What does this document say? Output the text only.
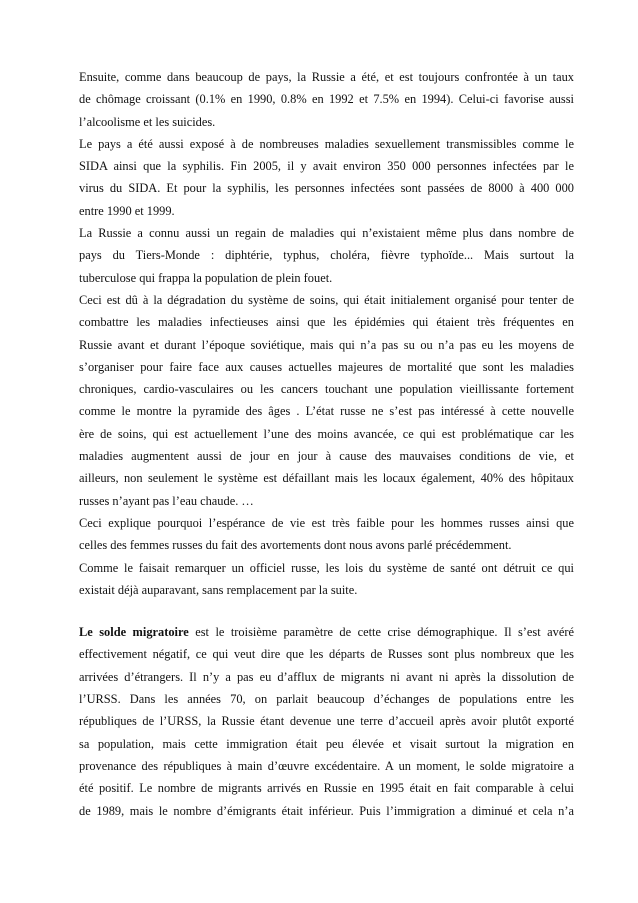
Ensuite, comme dans beaucoup de pays, la Russie a été, et est toujours confrontée à un taux
de chômage croissant (0.1% en 1990, 0.8% en 1992 et 7.5% en 1994). Celui-ci favorise aussi
l’alcoolisme et les suicides.
Le pays a été aussi exposé à de nombreuses maladies sexuellement transmissibles comme le
SIDA ainsi que la syphilis. Fin 2005, il y avait environ 350 000 personnes infectées par le
virus du SIDA. Et pour la syphilis, les personnes infectées sont passées de 8000 à 400 000
entre 1990 et 1999.
La Russie a connu aussi un regain de maladies qui n’existaient même plus dans nombre de
pays du Tiers-Monde : diphtérie, typhus, choléra, fièvre typhoïde... Mais surtout la
tuberculose qui frappa la population de plein fouet.
Ceci est dû à la dégradation du système de soins, qui était initialement organisé pour tenter de
combattre les maladies infectieuses ainsi que les épidémies qui étaient très fréquentes en
Russie avant et durant l’époque soviétique, mais qui n’a pas su ou n’a pas eu les moyens de
s’organiser pour faire face aux causes actuelles majeures de mortalité que sont les maladies
chroniques, cardio-vasculaires ou les cancers touchant une population vieillissante fortement
comme le montre la pyramide des âges . L’état russe ne s’est pas intéressé à cette nouvelle
ère de soins, qui est actuellement l’une des moins avancée, ce qui est problématique car les
maladies augmentent aussi de jour en jour à cause des mauvaises conditions de vie, et
ailleurs, non seulement le système est défaillant mais les locaux également, 40% des hôpitaux
russes n’ayant pas l’eau chaude. …
Ceci explique pourquoi l’espérance de vie est très faible pour les hommes russes ainsi que
celles des femmes russes du fait des avortements dont nous avons parlé précédemment.
Comme le faisait remarquer un officiel russe, les lois du système de santé ont détruit ce qui
existait déjà auparavant, sans remplacement par la suite.
Le solde migratoire est le troisième paramètre de cette crise démographique. Il s’est avéré
effectivement négatif, ce qui veut dire que les départs de Russes sont plus nombreux que les
arrivées d’étrangers. Il n’y a pas eu d’afflux de migrants ni avant ni après la dissolution de
l’URSS. Dans les années 70, on parlait beaucoup d’échanges de populations entre les
républiques de l’URSS, la Russie étant devenue une terre d’accueil après avoir plutôt exporté
sa population, mais cette immigration était peu élevée et visait surtout la migration en
provenance des républiques à main d’œuvre excédentaire. A un moment, le solde migratoire a
été positif. Le nombre de migrants arrivés en Russie en 1995 était en fait comparable à celui
de 1989, mais le nombre d’émigrants était inférieur. Puis l’immigration a diminué et cela n’a
